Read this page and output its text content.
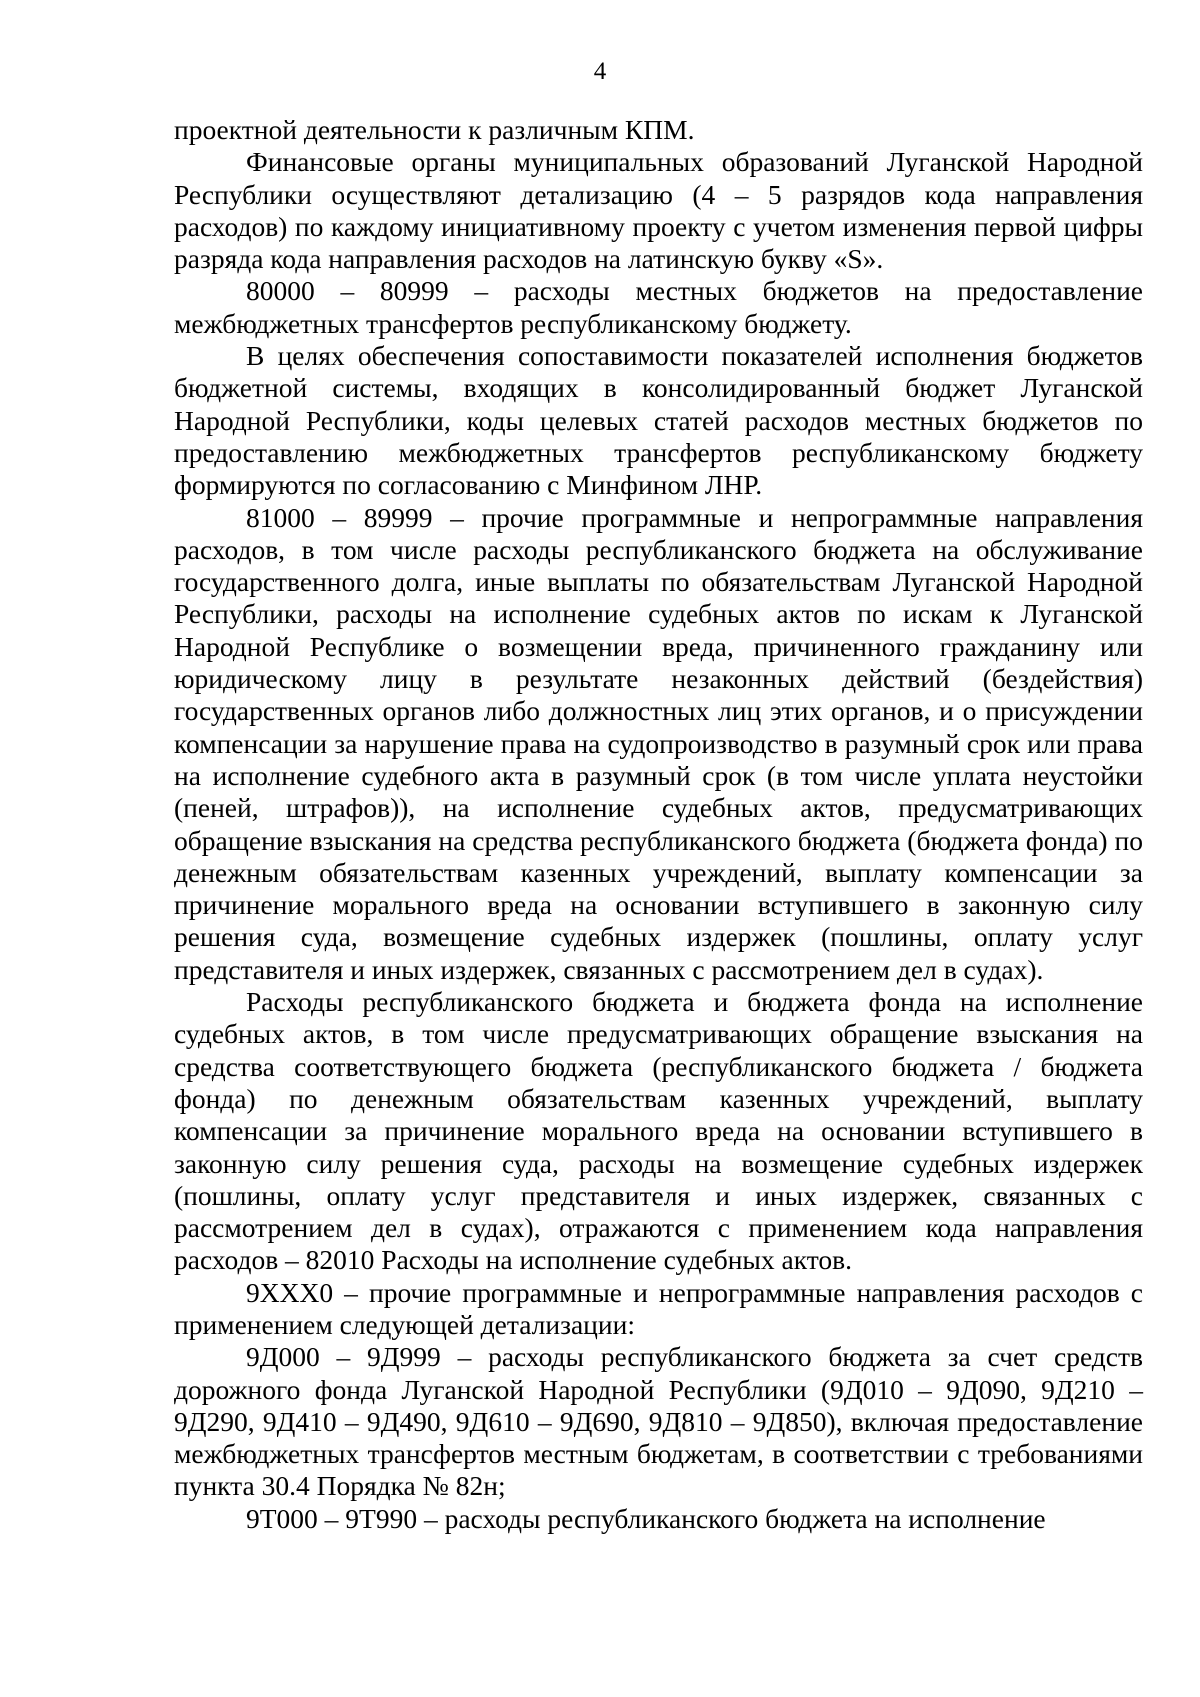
4

проектной деятельности к различным КПМ.

Финансовые органы муниципальных образований Луганской Народной Республики осуществляют детализацию (4 – 5 разрядов кода направления расходов) по каждому инициативному проекту с учетом изменения первой цифры разряда кода направления расходов на латинскую букву «S».

80000 – 80999 – расходы местных бюджетов на предоставление межбюджетных трансфертов республиканскому бюджету.

В целях обеспечения сопоставимости показателей исполнения бюджетов бюджетной системы, входящих в консолидированный бюджет Луганской Народной Республики, коды целевых статей расходов местных бюджетов по предоставлению межбюджетных трансфертов республиканскому бюджету формируются по согласованию с Минфином ЛНР.

81000 – 89999 – прочие программные и непрограммные направления расходов, в том числе расходы республиканского бюджета на обслуживание государственного долга, иные выплаты по обязательствам Луганской Народной Республики, расходы на исполнение судебных актов по искам к Луганской Народной Республике о возмещении вреда, причиненного гражданину или юридическому лицу в результате незаконных действий (бездействия) государственных органов либо должностных лиц этих органов, и о присуждении компенсации за нарушение права на судопроизводство в разумный срок или права на исполнение судебного акта в разумный срок (в том числе уплата неустойки (пеней, штрафов)), на исполнение судебных актов, предусматривающих обращение взыскания на средства республиканского бюджета (бюджета фонда) по денежным обязательствам казенных учреждений, выплату компенсации за причинение морального вреда на основании вступившего в законную силу решения суда, возмещение судебных издержек (пошлины, оплату услуг представителя и иных издержек, связанных с рассмотрением дел в судах).

Расходы республиканского бюджета и бюджета фонда на исполнение судебных актов, в том числе предусматривающих обращение взыскания на средства соответствующего бюджета (республиканского бюджета / бюджета фонда) по денежным обязательствам казенных учреждений, выплату компенсации за причинение морального вреда на основании вступившего в законную силу решения суда, расходы на возмещение судебных издержек (пошлины, оплату услуг представителя и иных издержек, связанных с рассмотрением дел в судах), отражаются с применением кода направления расходов – 82010 Расходы на исполнение судебных актов.

9XXX0 – прочие программные и непрограммные направления расходов с применением следующей детализации:

9Д000 – 9Д999 – расходы республиканского бюджета за счет средств дорожного фонда Луганской Народной Республики (9Д010 – 9Д090, 9Д210 – 9Д290, 9Д410 – 9Д490, 9Д610 – 9Д690, 9Д810 – 9Д850), включая предоставление межбюджетных трансфертов местным бюджетам, в соответствии с требованиями пункта 30.4 Порядка № 82н;

9Т000 – 9Т990 – расходы республиканского бюджета на исполнение
